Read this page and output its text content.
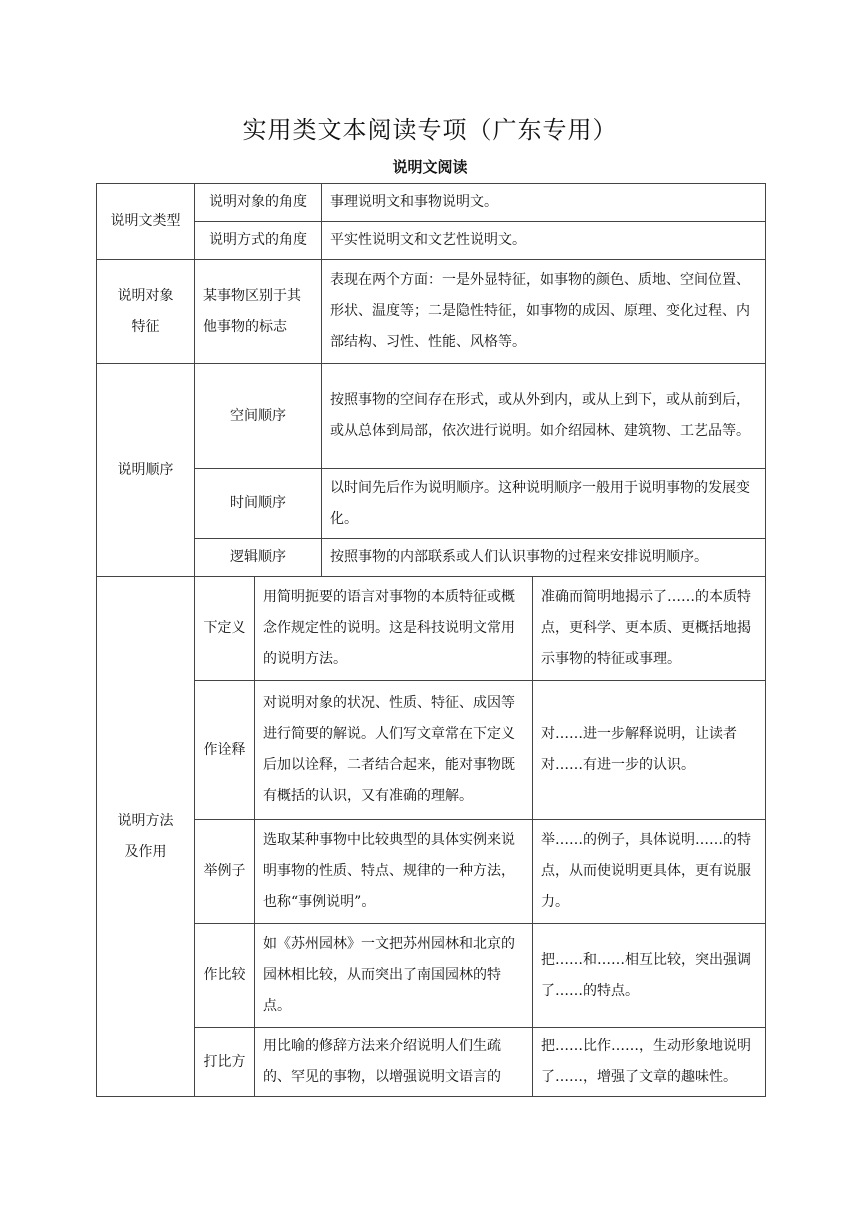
实用类文本阅读专项（广东专用）
说明文阅读
说明文类型	说明对象的角度		事理说明文和事物说明文。	
	说明方式的角度		平实性说明文和文艺性说明文。	
说明对象特征	某事物区别于其他事物的标志		表现在两个方面：一是外显特征，如事物的颜色、质地、空间位置、形状、温度等；二是隐性特征，如事物的成因、原理、变化过程、内部结构、习性、性能、风格等。	
说明顺序	空间顺序		按照事物的空间存在形式，或从外到内，或从上到下，或从前到后，或从总体到局部，依次进行说明。如介绍园林、建筑物、工艺品等。	
	时间顺序		以时间先后作为说明顺序。这种说明顺序一般用于说明事物的发展变化。	
	逻辑顺序		按照事物的内部联系或人们认识事物的过程来安排说明顺序。	
说明方法及作用	下定义	用简明扼要的语言对事物的本质特征或概念作规定性的说明。这是科技说明文常用的说明方法。		准确而简明地揭示了……的本质特点，更科学、更本质、更概括地揭示事物的特征或事理。
	作诠释	对说明对象的状况、性质、特征、成因等进行简要的解说。人们写文章常在下定义后加以诠释，二者结合起来，能对事物既有概括的认识，又有准确的理解。		对……进一步解释说明，让读者对……有进一步的认识。
	举例子	选取某种事物中比较典型的具体实例来说明事物的性质、特点、规律的一种方法，也称“事例说明”。		举……的例子，具体说明……的特点，从而使说明更具体，更有说服力。
	作比较	如《苏州园林》一文把苏州园林和北京的园林相比较，从而突出了南国园林的特点。		把……和……相互比较，突出强调了……的特点。
	打比方	用比喻的修辞方法来介绍说明人们生疏的、罕见的事物，以增强说明文语言的		把……比作……，生动形象地说明了……，增强了文章的趣味性。
